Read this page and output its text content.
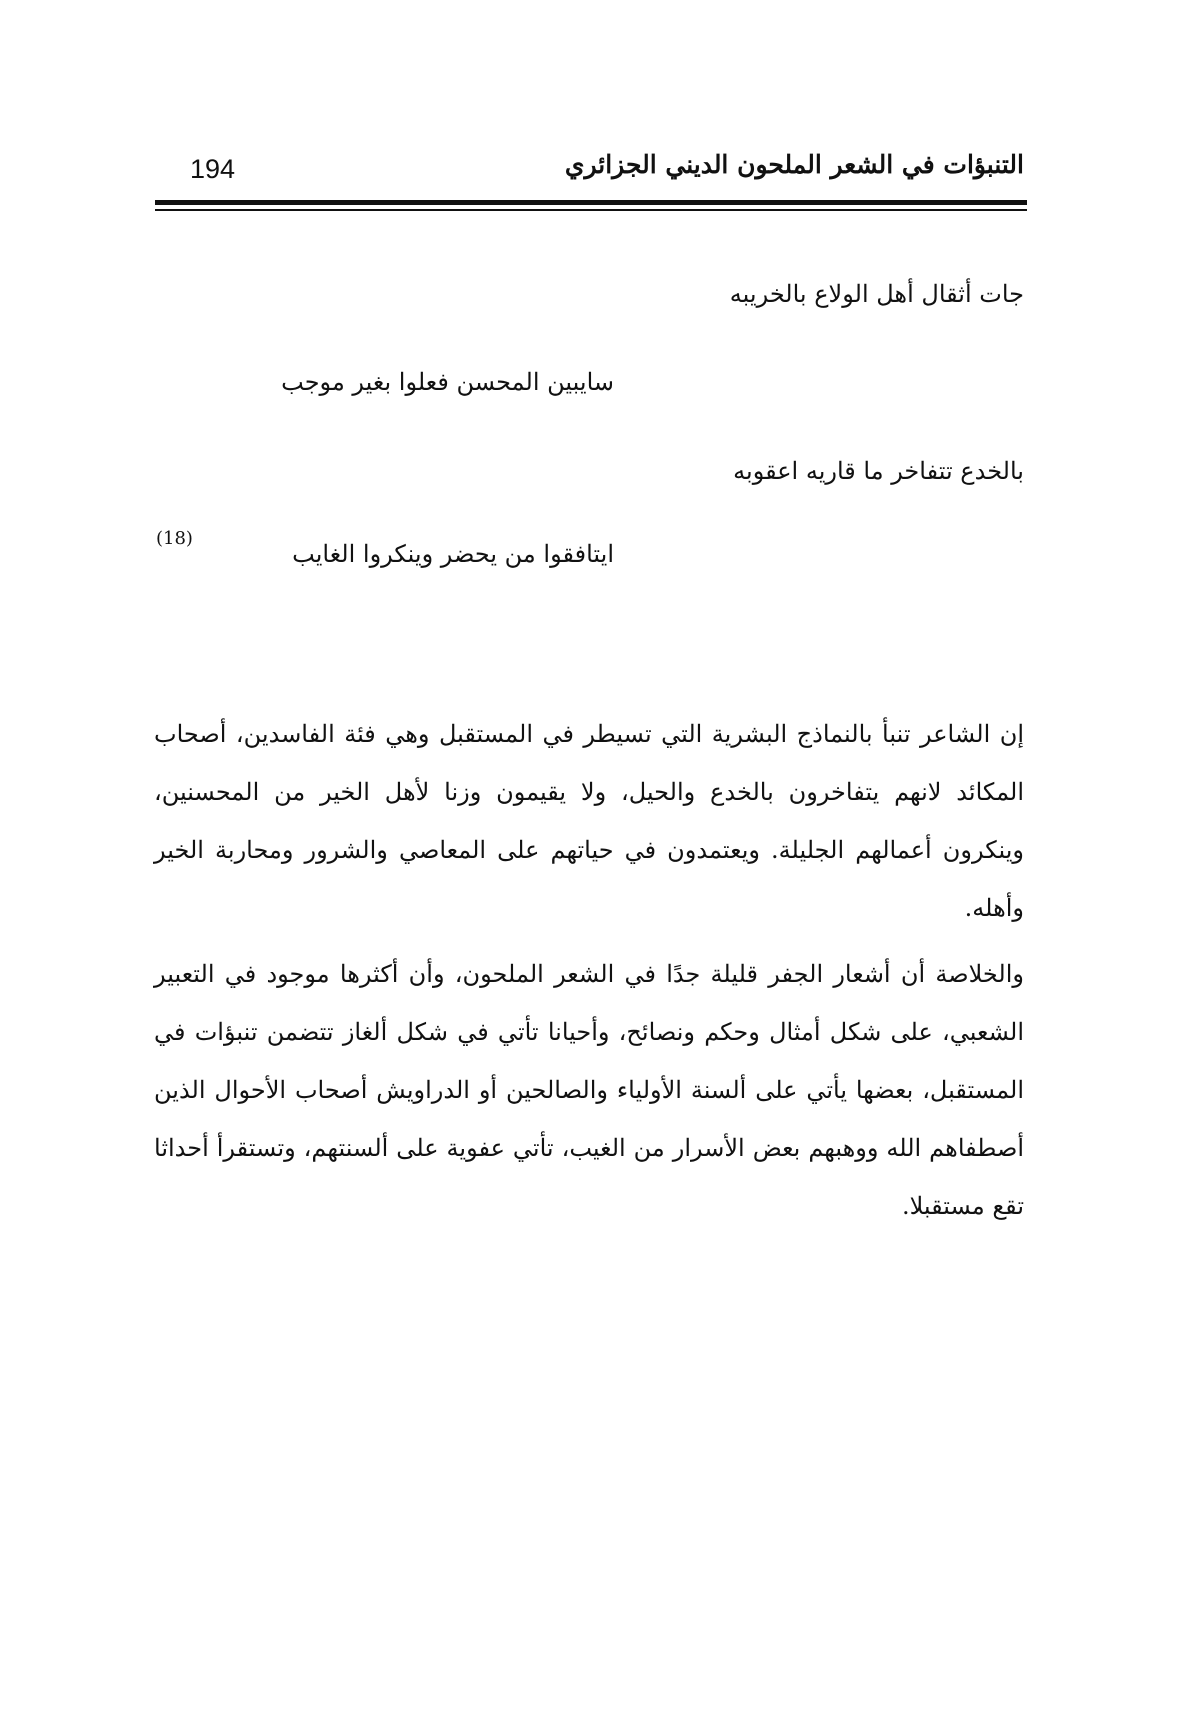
التنبؤات في الشعر الملحون الديني الجزائري
194
جات أثقال أهل الولاع بالخريبه
سايبين المحسن فعلوا بغير موجب
بالخدع تتفاخر ما قاريه اعقوبه
ايتافقوا من يحضر وينكروا الغايب
(18)

إن الشاعر تنبأ بالنماذج البشرية التي تسيطر في المستقبل وهي فئة الفاسدين، أصحاب المكائد لانهم يتفاخرون بالخدع والحيل، ولا يقيمون وزنا لأهل الخير من المحسنين، وينكرون أعمالهم الجليلة. ويعتمدون في حياتهم على المعاصي والشرور ومحاربة الخير وأهله.

والخلاصة أن أشعار الجفر قليلة جدًا في الشعر الملحون، وأن أكثرها موجود في التعبير الشعبي، على شكل أمثال وحكم ونصائح، وأحيانا تأتي في شكل ألغاز تتضمن تنبؤات في المستقبل، بعضها يأتي على ألسنة الأولياء والصالحين أو الدراويش أصحاب الأحوال الذين أصطفاهم الله ووهبهم بعض الأسرار من الغيب، تأتي عفوية على ألسنتهم، وتستقرأ أحداثا تقع مستقبلا.
